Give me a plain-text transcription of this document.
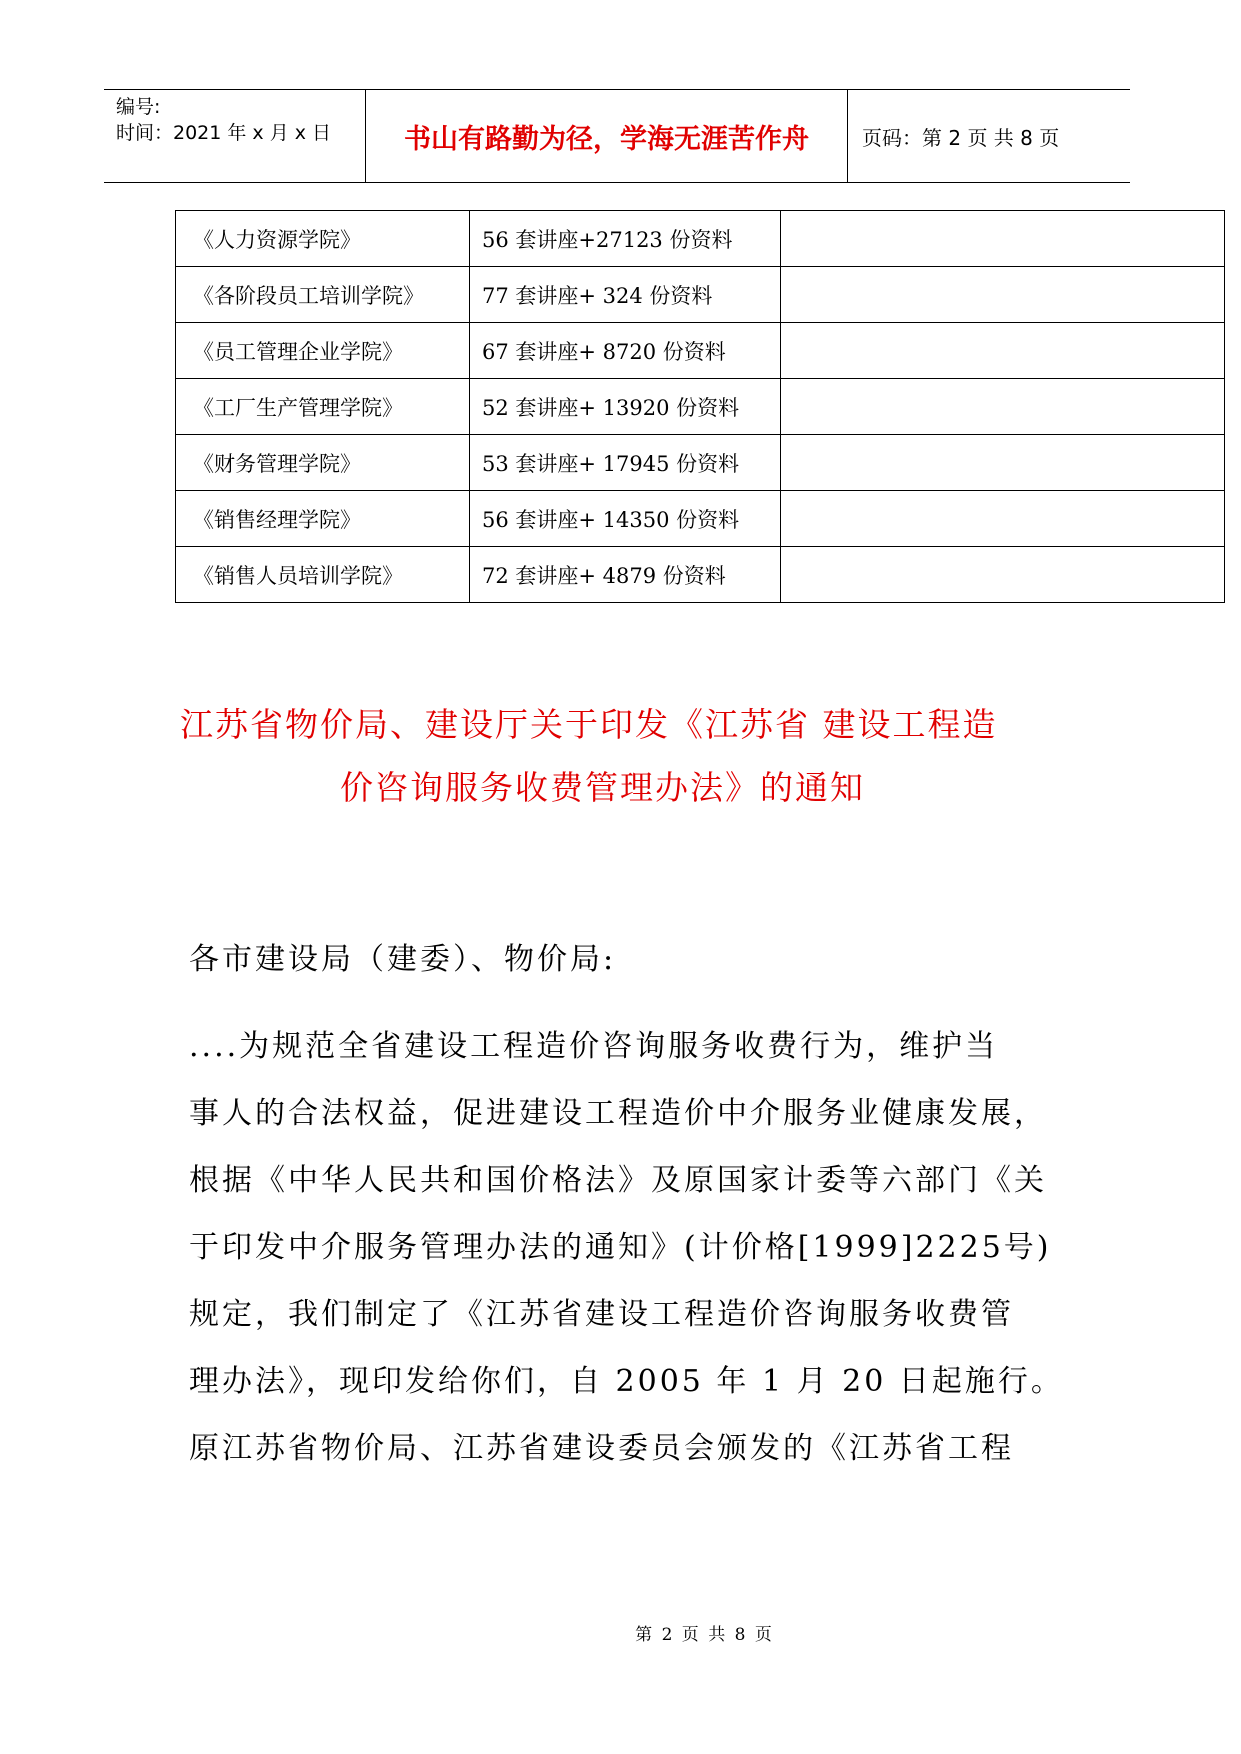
编号:
时间：2021 年 x 月 x 日	书山有路勤为径，学海无涯苦作舟	页码：第 2 页 共 8 页
《人力资源学院》	56 套讲座+27123 份资料	
《各阶段员工培训学院》	77 套讲座+ 324 份资料	
《员工管理企业学院》	67 套讲座+ 8720 份资料	
《工厂生产管理学院》	52 套讲座+ 13920 份资料	
《财务管理学院》	53 套讲座+ 17945 份资料	
《销售经理学院》	56 套讲座+ 14350 份资料	
《销售人员培训学院》	72 套讲座+ 4879 份资料	
江苏省物价局、建设厅关于印发《江苏省 建设工程造
价咨询服务收费管理办法》的通知
各市建设局（建委）、物价局:
....为规范全省建设工程造价咨询服务收费行为，维护当
事人的合法权益，促进建设工程造价中介服务业健康发展，
根据《中华人民共和国价格法》及原国家计委等六部门《关
于印发中介服务管理办法的通知》(计价格[1999]2225号)
规定，我们制定了《江苏省建设工程造价咨询服务收费管
理办法》，现印发给你们，自 2005 年 1 月 20 日起施行。
原江苏省物价局、江苏省建设委员会颁发的《江苏省工程
第 2 页 共 8 页
